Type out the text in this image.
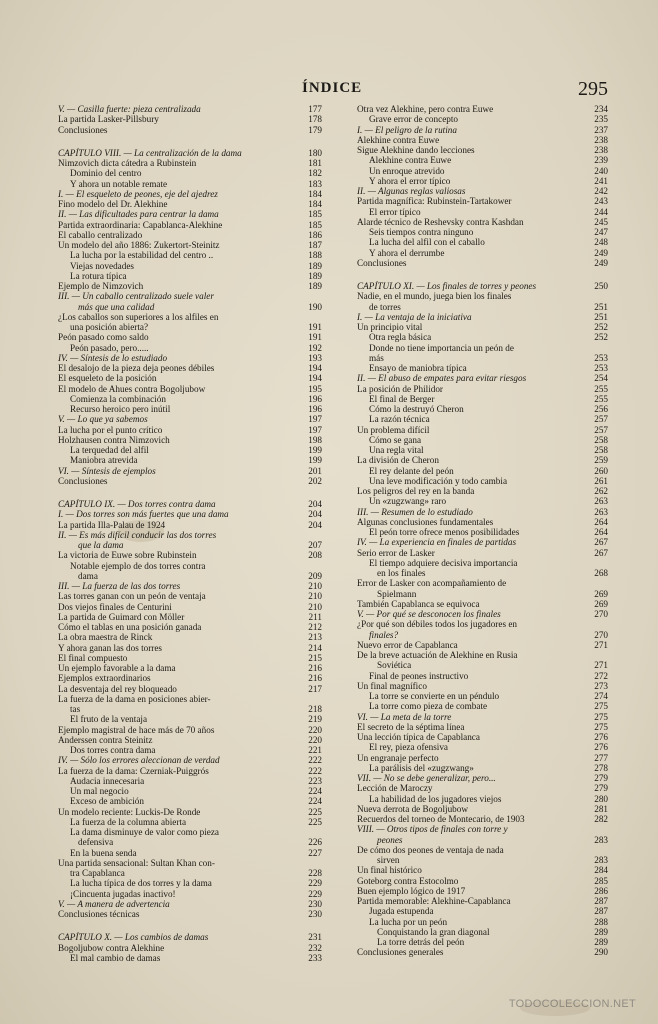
ÍNDICE	295
V. — Casilla fuerte: pieza centralizada	177
La partida Lasker-Pillsbury	178
Conclusiones	179
CAPÍTULO VIII. — La centralización de la dama	180
Nimzovich dicta cátedra a Rubinstein	181
Dominio del centro	182
Y ahora un notable remate	183
I. — El esqueleto de peones, eje del ajedrez	184
Fino modelo del Dr. Alekhine	184
II. — Las dificultades para centrar la dama	185
Partida extraordinaria: Capablanca-Alekhine	185
El caballo centralizado	186
Un modelo del año 1886: Zukertort-Steinitz	187
La lucha por la estabilidad del centro ..	188
Viejas novedades	189
La rotura típica	189
Ejemplo de Nimzovich	189
III. — Un caballo centralizado suele valer
más que una calidad	190
¿Los caballos son superiores a los alfiles en
una posición abierta?	191
Peón pasado como saldo	191
Peón pasado, pero.....	192
IV. — Síntesis de lo estudiado	193
El desalojo de la pieza deja peones débiles	194
El esqueleto de la posición	194
El modelo de Ahues contra Bogoljubow	195
Comienza la combinación	196
Recurso heroico pero inútil	196
V. — Lo que ya sabemos	197
La lucha por el punto crítico	197
Holzhausen contra Nimzovich	198
La terquedad del alfil	199
Maniobra atrevida	199
VI. — Síntesis de ejemplos	201
Conclusiones	202
CAPÍTULO IX. — Dos torres contra dama	204
I. — Dos torres son más fuertes que una dama	204
La partida Illa-Palau de 1924	204
II. — Es más difícil conducir las dos torres
que la dama	207
La victoria de Euwe sobre Rubinstein	208
Notable ejemplo de dos torres contra
dama	209
III. — La fuerza de las dos torres	210
Las torres ganan con un peón de ventaja	210
Dos viejos finales de Centurini	210
La partida de Guimard con Möller	211
Cómo el tablas en una posición ganada	212
La obra maestra de Rinck	213
Y ahora ganan las dos torres	214
El final compuesto	215
Un ejemplo favorable a la dama	216
Ejemplos extraordinarios	216
La desventaja del rey bloqueado	217
La fuerza de la dama en posiciones abier-
tas	218
El fruto de la ventaja	219
Ejemplo magistral de hace más de 70 años	220
Anderssen contra Steinitz	220
Dos torres contra dama	221
IV. — Sólo los errores aleccionan de verdad	222
La fuerza de la dama: Czerniak-Puiggrós	222
Audacia innecesaria	223
Un mal negocio	224
Exceso de ambición	224
Un modelo reciente: Luckis-De Ronde	225
La fuerza de la columna abierta	225
La dama disminuye de valor como pieza
defensiva	226
En la buena senda	227
Una partida sensacional: Sultan Khan con-
tra Capablanca	228
La lucha típica de dos torres y la dama	229
¡Cincuenta jugadas inactivo!	229
V. — A manera de advertencia	230
Conclusiones técnicas	230
CAPÍTULO X. — Los cambios de damas	231
Bogoljubow contra Alekhine	232
El mal cambio de damas	233
Otra vez Alekhine, pero contra Euwe	234
Grave error de concepto	235
I. — El peligro de la rutina	237
Alekhine contra Euwe	238
Sigue Alekhine dando lecciones	238
Alekhine contra Euwe	239
Un enroque atrevido	240
Y ahora el error típico	241
II. — Algunas reglas valiosas	242
Partida magnífica: Rubinstein-Tartakower	243
El error típico	244
Alarde técnico de Reshevsky contra Kashdan	245
Seis tiempos contra ninguno	247
La lucha del alfil con el caballo	248
Y ahora el derrumbe	249
Conclusiones	249
CAPÍTULO XI. — Los finales de torres y peones	250
Nadie, en el mundo, juega bien los finales
de torres	251
I. — La ventaja de la iniciativa	251
Un principio vital	252
Otra regla básica	252
Donde no tiene importancia un peón de
más	253
Ensayo de maniobra típica	253
II. — El abuso de empates para evitar riesgos	254
La posición de Philidor	255
El final de Berger	255
Cómo la destruyó Cheron	256
La razón técnica	257
Un problema difícil	257
Cómo se gana	258
Una regla vital	258
La división de Cheron	259
El rey delante del peón	260
Una leve modificación y todo cambia	261
Los peligros del rey en la banda	262
Un «zugzwang» raro	263
III. — Resumen de lo estudiado	263
Algunas conclusiones fundamentales	264
El peón torre ofrece menos posibilidades	264
IV. — La experiencia en finales de partidas	267
Serio error de Lasker	267
El tiempo adquiere decisiva importancia
en los finales	268
Error de Lasker con acompañamiento de
Spielmann	269
También Capablanca se equivoca	269
V. — Por qué se desconocen los finales	270
¿Por qué son débiles todos los jugadores en
finales?	270
Nuevo error de Capablanca	271
De la breve actuación de Alekhine en Rusia
Soviética	271
Final de peones instructivo	272
Un final magnífico	273
La torre se convierte en un péndulo	274
La torre como pieza de combate	275
VI. — La meta de la torre	275
El secreto de la séptima línea	275
Una lección típica de Capablanca	276
El rey, pieza ofensiva	276
Un engranaje perfecto	277
La parálisis del «zugzwang»	278
VII. — No se debe generalizar, pero...	279
Lección de Maroczy	279
La habilidad de los jugadores viejos	280
Nueva derrota de Bogoljubow	281
Recuerdos del torneo de Montecario, de 1903	282
VIII. — Otros tipos de finales con torre y
peones	283
De cómo dos peones de ventaja de nada
sirven	283
Un final histórico	284
Goteborg contra Estocolmo	285
Buen ejemplo lógico de 1917	286
Partida memorable: Alekhine-Capablanca	287
Jugada estupenda	287
La lucha por un peón	288
Conquistando la gran diagonal	289
La torre detrás del peón	289
Conclusiones generales	290
TODOCOLECCION.NET
